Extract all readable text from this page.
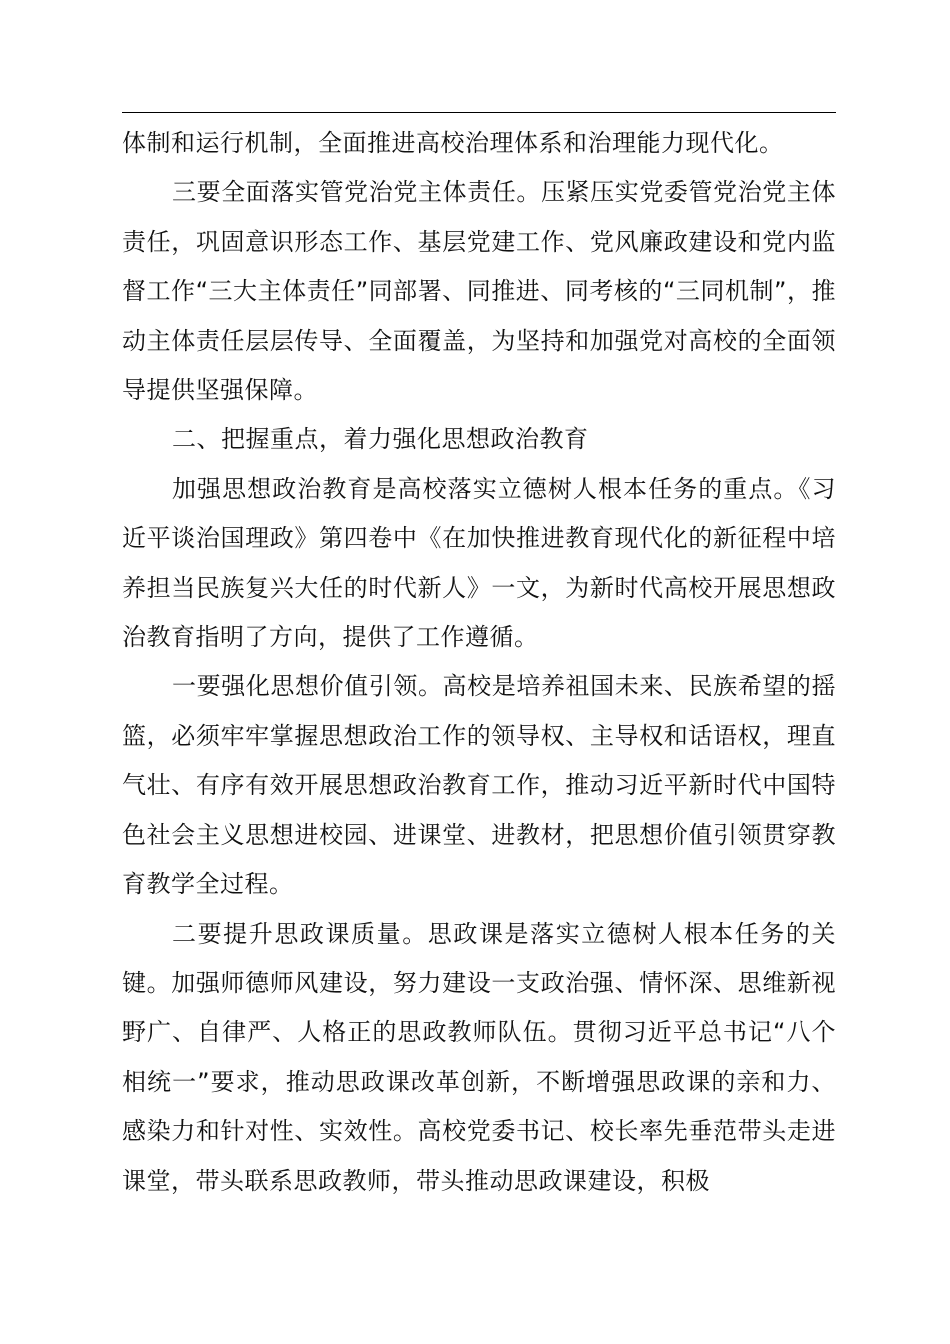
体制和运行机制，全面推进高校治理体系和治理能力现代化。

三要全面落实管党治党主体责任。压紧压实党委管党治党主体责任，巩固意识形态工作、基层党建工作、党风廉政建设和党内监督工作“三大主体责任”同部署、同推进、同考核的“三同机制”，推动主体责任层层传导、全面覆盖，为坚持和加强党对高校的全面领导提供坚强保障。

二、把握重点，着力强化思想政治教育

加强思想政治教育是高校落实立德树人根本任务的重点。《习近平谈治国理政》第四卷中《在加快推进教育现代化的新征程中培养担当民族复兴大任的时代新人》一文，为新时代高校开展思想政治教育指明了方向，提供了工作遵循。

一要强化思想价值引领。高校是培养祖国未来、民族希望的摇篮，必须牢牢掌握思想政治工作的领导权、主导权和话语权，理直气壮、有序有效开展思想政治教育工作，推动习近平新时代中国特色社会主义思想进校园、进课堂、进教材，把思想价值引领贯穿教育教学全过程。

二要提升思政课质量。思政课是落实立德树人根本任务的关键。加强师德师风建设，努力建设一支政治强、情怀深、思维新视野广、自律严、人格正的思政教师队伍。贯彻习近平总书记“八个相统一”要求，推动思政课改革创新，不断增强思政课的亲和力、感染力和针对性、实效性。高校党委书记、校长率先垂范带头走进课堂，带头联系思政教师，带头推动思政课建设，积极
